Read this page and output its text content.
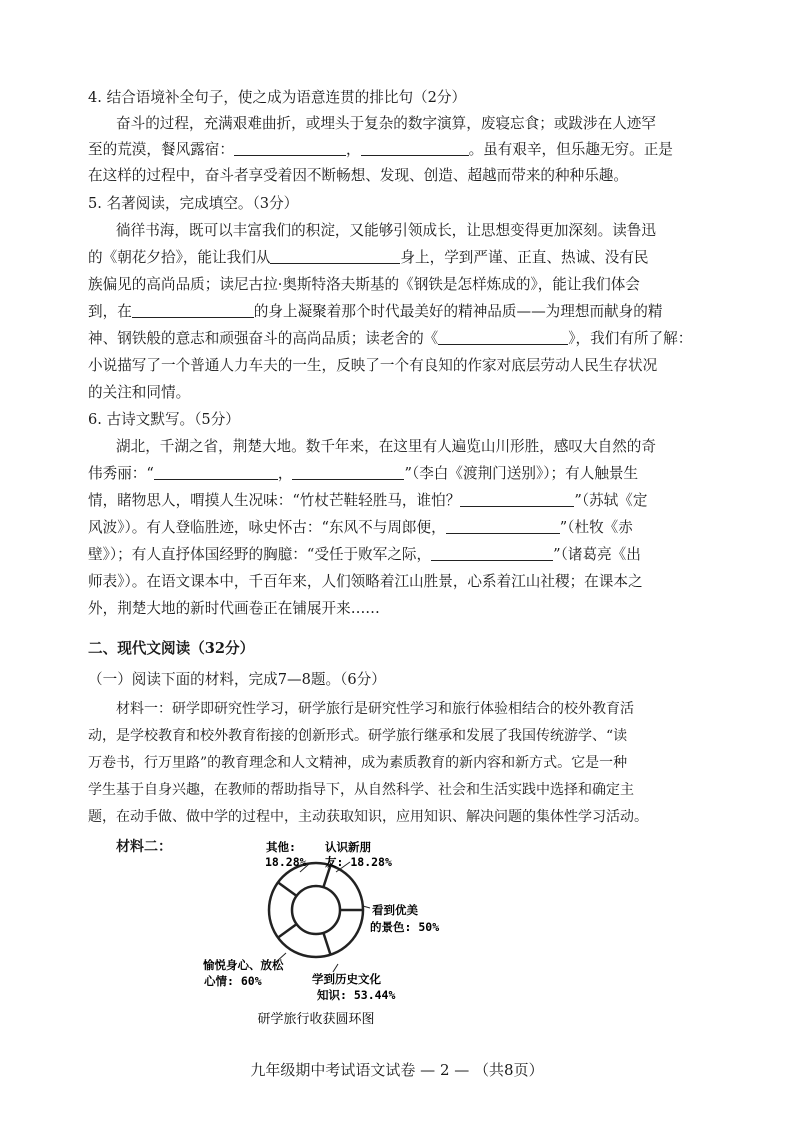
4. 结合语境补全句子，使之成为语意连贯的排比句（2分）
奋斗的过程，充满艰难曲折，或埋头于复杂的数字演算，废寝忘食；或跋涉在人迹罕
至的荒漠，餐风露宿：	，	。虽有艰辛，但乐趣无穷。正是
在这样的过程中，奋斗者享受着因不断畅想、发现、创造、超越而带来的种种乐趣。
5. 名著阅读，完成填空。（3分）
徜徉书海，既可以丰富我们的积淀，又能够引领成长，让思想变得更加深刻。读鲁迅
的《朝花夕拾》，能让我们从	身上，学到严谨、正直、热诚、没有民
族偏见的高尚品质；读尼古拉·奥斯特洛夫斯基的《钢铁是怎样炼成的》，能让我们体会
到，在	的身上凝聚着那个时代最美好的精神品质——为理想而献身的精
神、钢铁般的意志和顽强奋斗的高尚品质；读老舍的《	》，我们有所了解：
小说描写了一个普通人力车夫的一生，反映了一个有良知的作家对底层劳动人民生存状况
的关注和同情。
6. 古诗文默写。（5分）
湖北，千湖之省，荆楚大地。数千年来，在这里有人遍览山川形胜，感叹大自然的奇
伟秀丽：“	，	”（李白《渡荆门送别》）；有人触景生
情，睹物思人，喟摸人生况味：“竹杖芒鞋轻胜马，谁怕？	”（苏轼《定
风波》）。有人登临胜迹，咏史怀古：“东风不与周郎便，	”（杜牧《赤
壁》）；有人直抒体国经野的胸臆：“受任于败军之际，	”（诸葛亮《出
师表》）。在语文课本中，千百年来，人们领略着江山胜景，心系着江山社稷；在课本之
外，荆楚大地的新时代画卷正在铺展开来……
二、现代文阅读（32分）
（一）阅读下面的材料，完成7—8题。（6分）
材料一：研学即研究性学习，研学旅行是研究性学习和旅行体验相结合的校外教育活
动，是学校教育和校外教育衔接的创新形式。研学旅行继承和发展了我国传统游学、“读
万卷书，行万里路”的教育理念和人文精神，成为素质教育的新内容和新方式。它是一种
学生基于自身兴趣，在教师的帮助指导下，从自然科学、社会和生活实践中选择和确定主
题，在动手做、做中学的过程中，主动获取知识，应用知识、解决问题的集体性学习活动。
材料二：	其他:
18.28%
认识新朋
友: 18.28%
看到优美
的景色: 50%
学到历史文化
知识: 53.44%
愉悦身心、放松
心情: 60%
研学旅行收获圆环图
九年级期中考试语文试卷 — 2 — （共8页）
